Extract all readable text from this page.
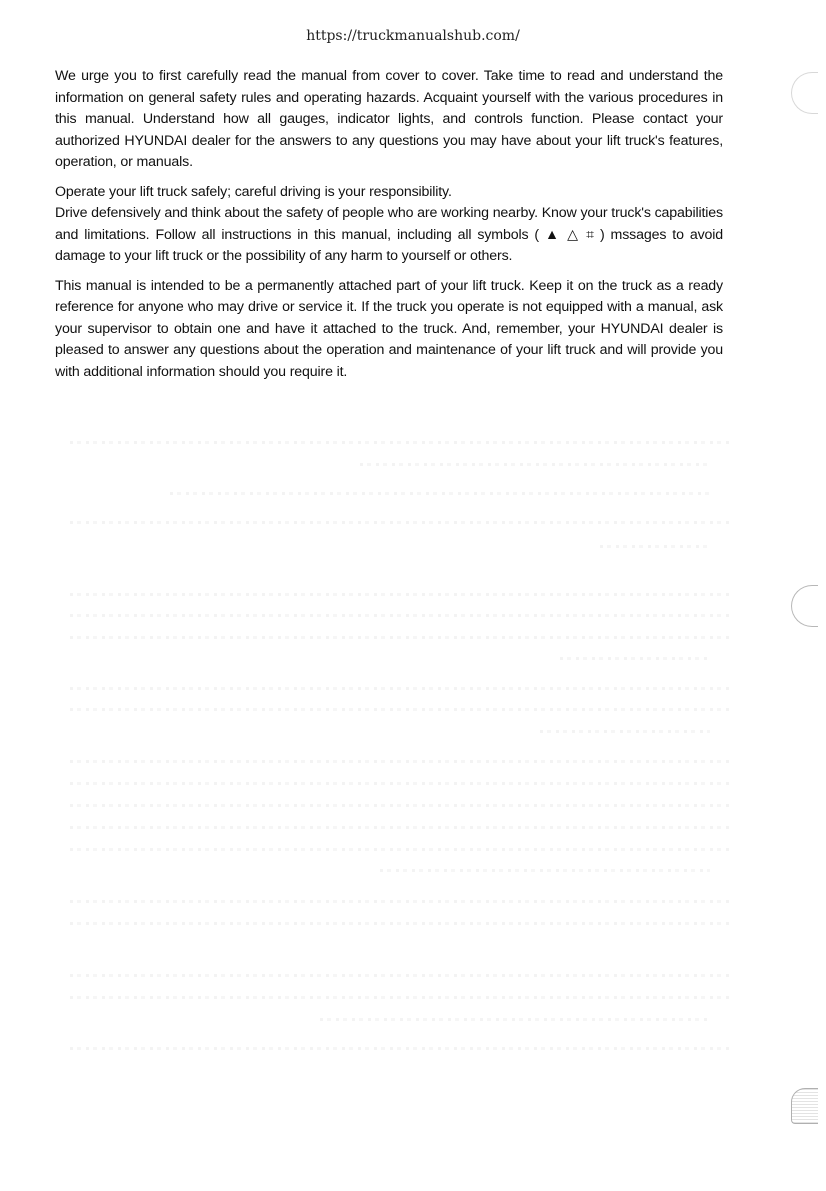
https://truckmanualshub.com/

We urge you to first carefully read the manual from cover to cover. Take time to read and understand the information on general safety rules and operating hazards. Acquaint yourself with the various procedures in this manual. Understand how all gauges, indicator lights, and controls function. Please contact your authorized HYUNDAI dealer for the answers to any questions you may have about your lift truck's features, operation, or manuals.

Operate your lift truck safely; careful driving is your responsibility.

Drive defensively and think about the safety of people who are working nearby. Know your truck's capabilities and limitations. Follow all instructions in this manual, including all symbols ( ▲ △ ⌗ ) mssages to avoid damage to your lift truck or the possibility of any harm to yourself or others.

This manual is intended to be a permanently attached part of your lift truck. Keep it on the truck as a ready reference for anyone who may drive or service it. If the truck you operate is not equipped with a manual, ask your supervisor to obtain one and have it attached to the truck. And, remember, your HYUNDAI dealer is pleased to answer any questions about the operation and maintenance of your lift truck and will provide you with additional information should you require it.
